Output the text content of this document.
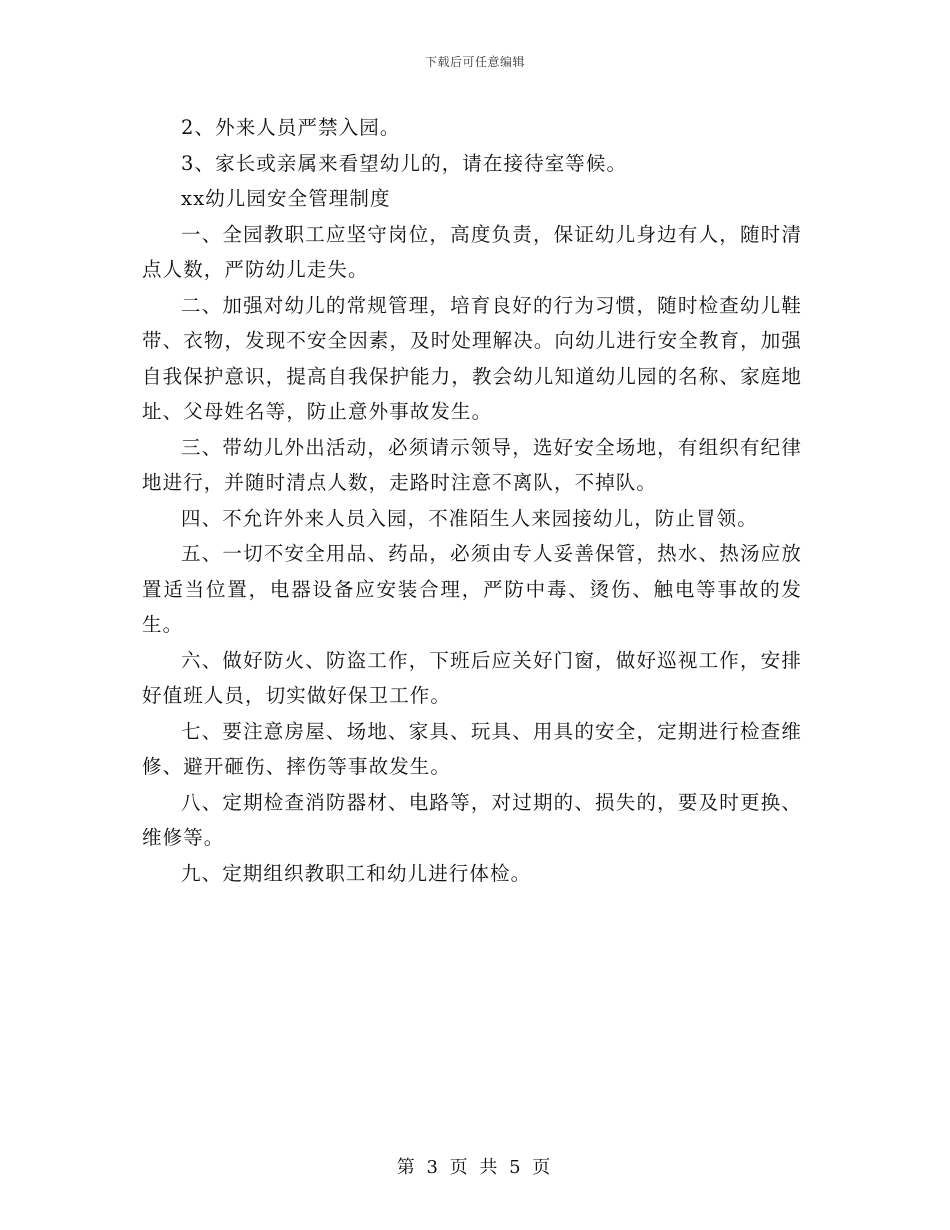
下载后可任意编辑

2、外来人员严禁入园。

3、家长或亲属来看望幼儿的，请在接待室等候。

xx幼儿园安全管理制度

一、全园教职工应坚守岗位，高度负责，保证幼儿身边有人，随时清点人数，严防幼儿走失。

二、加强对幼儿的常规管理，培育良好的行为习惯，随时检查幼儿鞋带、衣物，发现不安全因素，及时处理解决。向幼儿进行安全教育，加强自我保护意识，提高自我保护能力，教会幼儿知道幼儿园的名称、家庭地址、父母姓名等，防止意外事故发生。

三、带幼儿外出活动，必须请示领导，选好安全场地，有组织有纪律地进行，并随时清点人数，走路时注意不离队，不掉队。

四、不允许外来人员入园，不准陌生人来园接幼儿，防止冒领。

五、一切不安全用品、药品，必须由专人妥善保管，热水、热汤应放置适当位置，电器设备应安装合理，严防中毒、烫伤、触电等事故的发生。

六、做好防火、防盗工作，下班后应关好门窗，做好巡视工作，安排好值班人员，切实做好保卫工作。

七、要注意房屋、场地、家具、玩具、用具的安全，定期进行检查维修、避开砸伤、摔伤等事故发生。

八、定期检查消防器材、电路等，对过期的、损失的，要及时更换、维修等。

九、定期组织教职工和幼儿进行体检。

第 3 页 共 5 页
